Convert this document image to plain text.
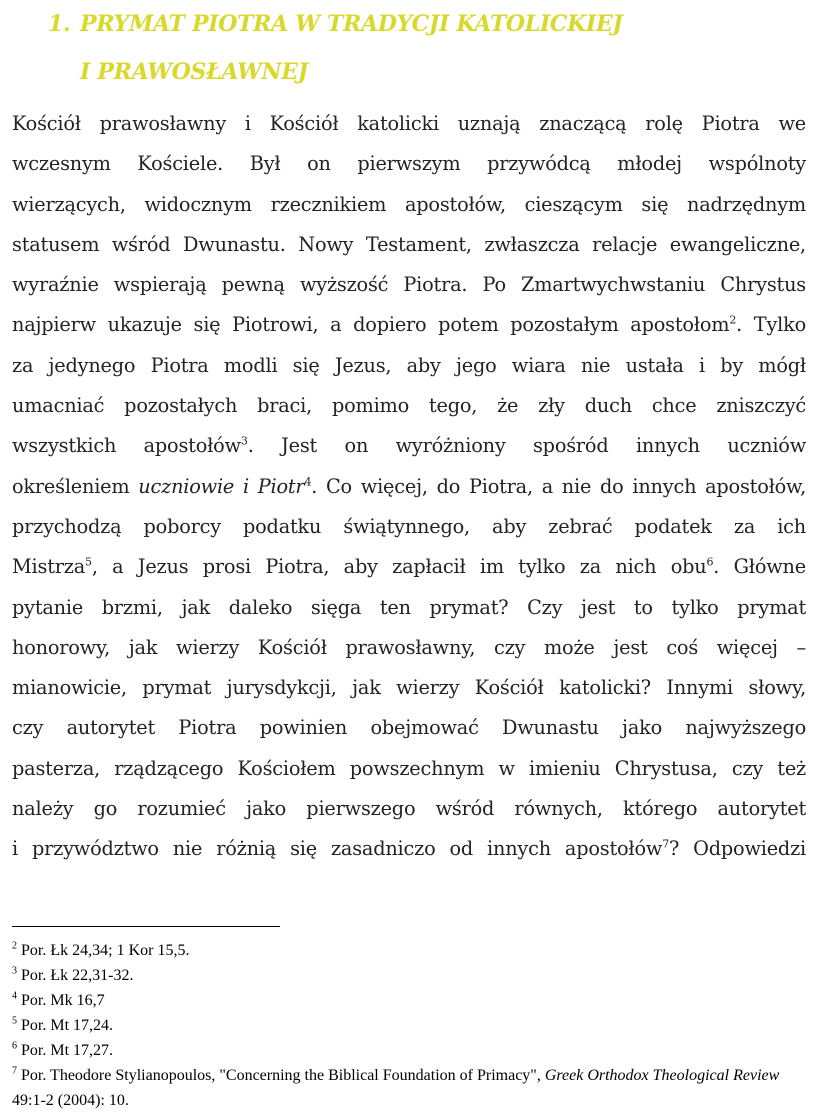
1. PRYMAT PIOTRA W TRADYCJI KATOLICKIEJ
I PRAWOSŁAWNEJ
Kościół prawosławny i Kościół katolicki uznają znaczącą rolę Piotra we
wczesnym Kościele. Był on pierwszym przywódcą młodej wspólnoty
wierzących, widocznym rzecznikiem apostołów, cieszącym się nadrzędnym
statusem wśród Dwunastu. Nowy Testament, zwłaszcza relacje ewangeliczne,
wyraźnie wspierają pewną wyższość Piotra. Po Zmartwychwstaniu Chrystus
najpierw ukazuje się Piotrowi, a dopiero potem pozostałym apostołom$^2$. Tylko
za jedynego Piotra modli się Jezus, aby jego wiara nie ustała i by mógł
umacniać pozostałych braci, pomimo tego, że zły duch chce zniszczyć
wszystkich apostołów$^3$. Jest on wyróżniony spośród innych uczniów
określeniem uczniowie i Piotr$^4$. Co więcej, do Piotra, a nie do innych apostołów,
przychodzą poborcy podatku świątynnego, aby zebrać podatek za ich
Mistrza$^5$, a Jezus prosi Piotra, aby zapłacił im tylko za nich obu$^6$. Główne
pytanie brzmi, jak daleko sięga ten prymat? Czy jest to tylko prymat
honorowy, jak wierzy Kościół prawosławny, czy może jest coś więcej –
mianowicie, prymat jurysdykcji, jak wierzy Kościół katolicki? Innymi słowy,
czy autorytet Piotra powinien obejmować Dwunastu jako najwyższego
pasterza, rządzącego Kościołem powszechnym w imieniu Chrystusa, czy też
należy go rozumieć jako pierwszego wśród równych, którego autorytet
i przywództwo nie różnią się zasadniczo od innych apostołów$^7$? Odpowiedzi
$^2$ Por. Łk 24,34; 1 Kor 15,5.
$^3$ Por. Łk 22,31-32.
$^4$ Por. Mk 16,7
$^5$ Por. Mt 17,24.
$^6$ Por. Mt 17,27.
$^7$ Por. Theodore Stylianopoulos, "Concerning the Biblical Foundation of Primacy", Greek Orthodox Theological Review 49:1-2 (2004): 10.
